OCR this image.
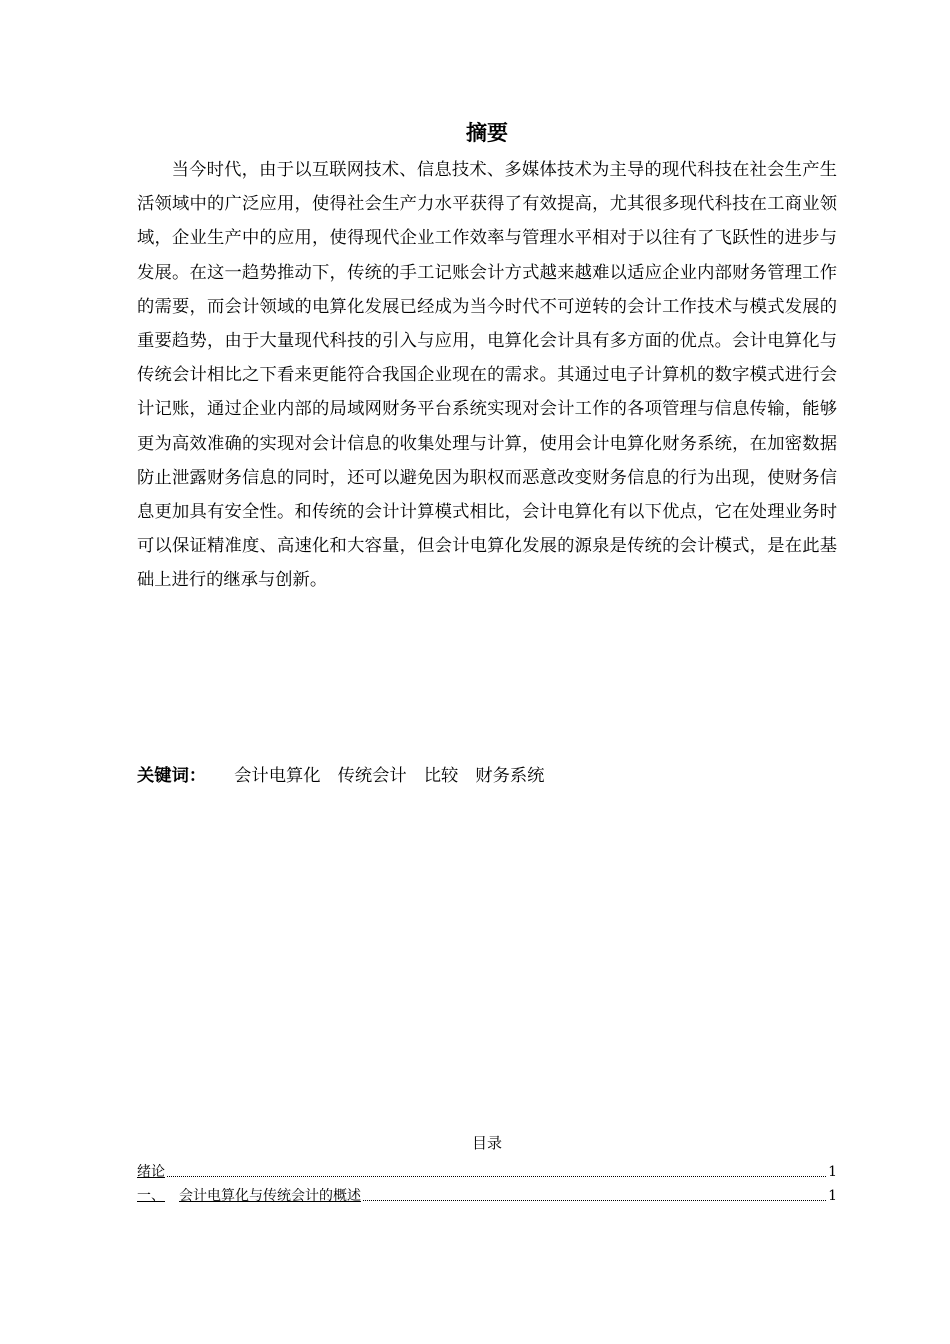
摘要

当今时代，由于以互联网技术、信息技术、多媒体技术为主导的现代科技在社会生产生活领域中的广泛应用，使得社会生产力水平获得了有效提高，尤其很多现代科技在工商业领域，企业生产中的应用，使得现代企业工作效率与管理水平相对于以往有了飞跃性的进步与发展。在这一趋势推动下，传统的手工记账会计方式越来越难以适应企业内部财务管理工作的需要，而会计领域的电算化发展已经成为当今时代不可逆转的会计工作技术与模式发展的重要趋势，由于大量现代科技的引入与应用，电算化会计具有多方面的优点。会计电算化与传统会计相比之下看来更能符合我国企业现在的需求。其通过电子计算机的数字模式进行会计记账，通过企业内部的局域网财务平台系统实现对会计工作的各项管理与信息传输，能够更为高效准确的实现对会计信息的收集处理与计算，使用会计电算化财务系统，在加密数据防止泄露财务信息的同时，还可以避免因为职权而恶意改变财务信息的行为出现，使财务信息更加具有安全性。和传统的会计计算模式相比，会计电算化有以下优点，它在处理业务时可以保证精准度、高速化和大容量，但会计电算化发展的源泉是传统的会计模式，是在此基础上进行的继承与创新。

关键词： 会计电算化 传统会计 比较 财务系统
目录
绪论	1
一、 会计电算化与传统会计的概述	1
